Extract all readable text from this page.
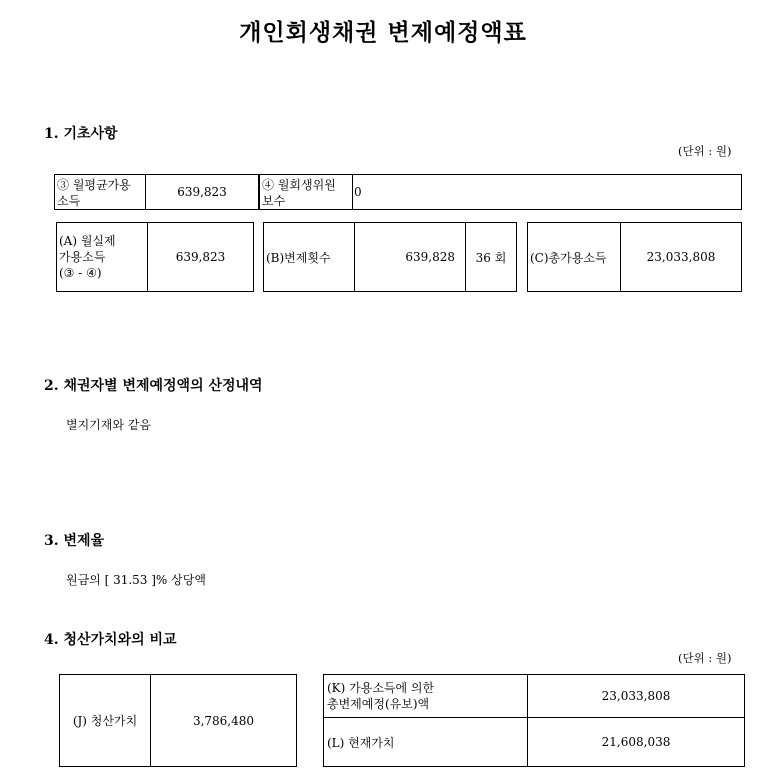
개인회생채권 변제예정액표
1. 기초사항
(단위 : 원)
③ 월평균가용
소득
639,823	④ 월회생위원
보수
0
(A) 월실제
가용소득
(③ - ④)
639,823	(B)변제횟수	639,828	36 회	(C)총가용소득	23,033,808
2. 채권자별 변제예정액의 산정내역
별지기재와 같음
3. 변제율
원금의 [ 31.53 ]% 상당액
4. 청산가치와의 비교
(단위 : 원)
(J) 청산가치	3,786,480		(K) 가용소득에 의한
총변제예정(유보)액	23,033,808
			(L) 현재가치	21,608,038
